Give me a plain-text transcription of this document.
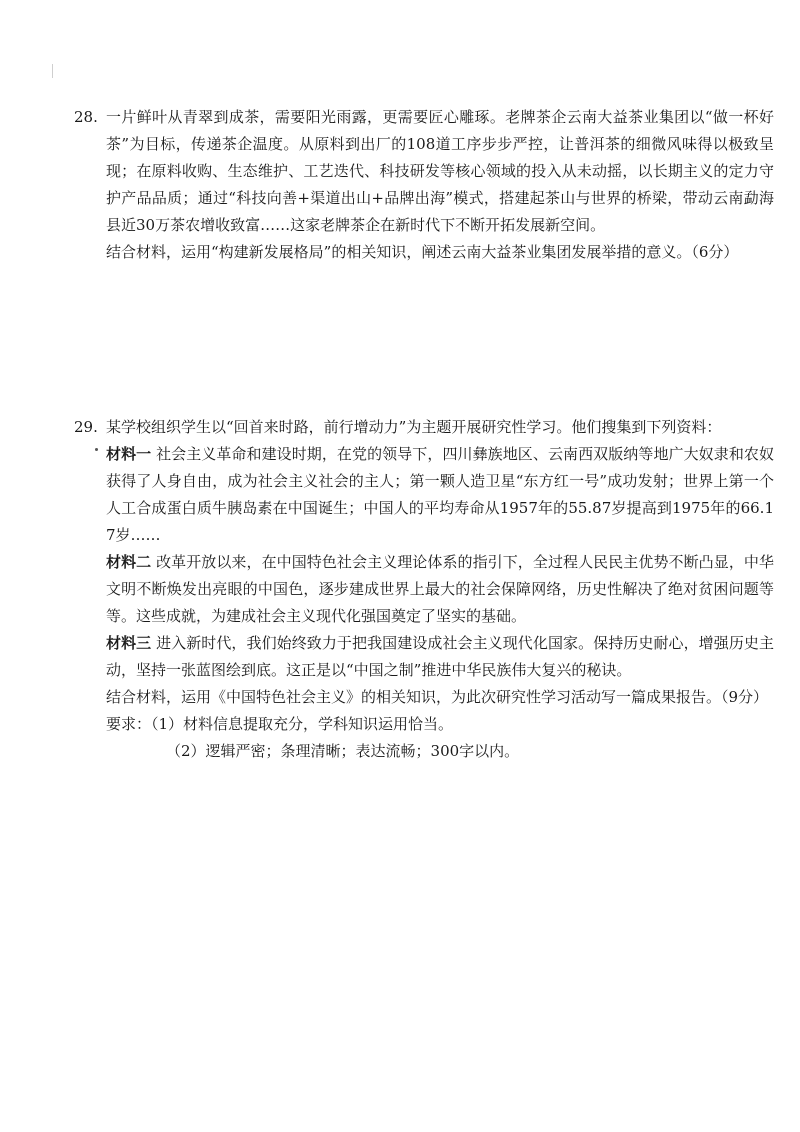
28. 一片鲜叶从青翠到成茶，需要阳光雨露，更需要匠心雕琢。老牌茶企云南大益茶业集团以“做一杯好茶”为目标，传递茶企温度。从原料到出厂的108道工序步步严控，让普洱茶的细微风味得以极致呈现；在原料收购、生态维护、工艺迭代、科技研发等核心领域的投入从未动摇，以长期主义的定力守护产品品质；通过“科技向善+渠道出山+品牌出海”模式，搭建起茶山与世界的桥梁，带动云南勐海县近30万茶农增收致富……这家老牌茶企在新时代下不断开拓发展新空间。
结合材料，运用“构建新发展格局”的相关知识，阐述云南大益茶业集团发展举措的意义。（6分）
29. 某学校组织学生以“回首来时路，前行增动力”为主题开展研究性学习。他们搜集到下列资料：
材料一 社会主义革命和建设时期，在党的领导下，四川彝族地区、云南西双版纳等地广大奴隶和农奴获得了人身自由，成为社会主义社会的主人；第一颗人造卫星“东方红一号”成功发射；世界上第一个人工合成蛋白质牛胰岛素在中国诞生；中国人的平均寿命从1957年的55.87岁提高到1975年的66.17岁……
材料二 改革开放以来，在中国特色社会主义理论体系的指引下，全过程人民民主优势不断凸显，中华文明不断焕发出亮眼的中国色，逐步建成世界上最大的社会保障网络，历史性解决了绝对贫困问题等等。这些成就，为建成社会主义现代化强国奠定了坚实的基础。
材料三 进入新时代，我们始终致力于把我国建设成社会主义现代化国家。保持历史耐心，增强历史主动，坚持一张蓝图绘到底。这正是以“中国之制”推进中华民族伟大复兴的秘诀。
结合材料，运用《中国特色社会主义》的相关知识，为此次研究性学习活动写一篇成果报告。（9分）
要求：（1）材料信息提取充分，学科知识运用恰当。
（2）逻辑严密；条理清晰；表达流畅；300字以内。
